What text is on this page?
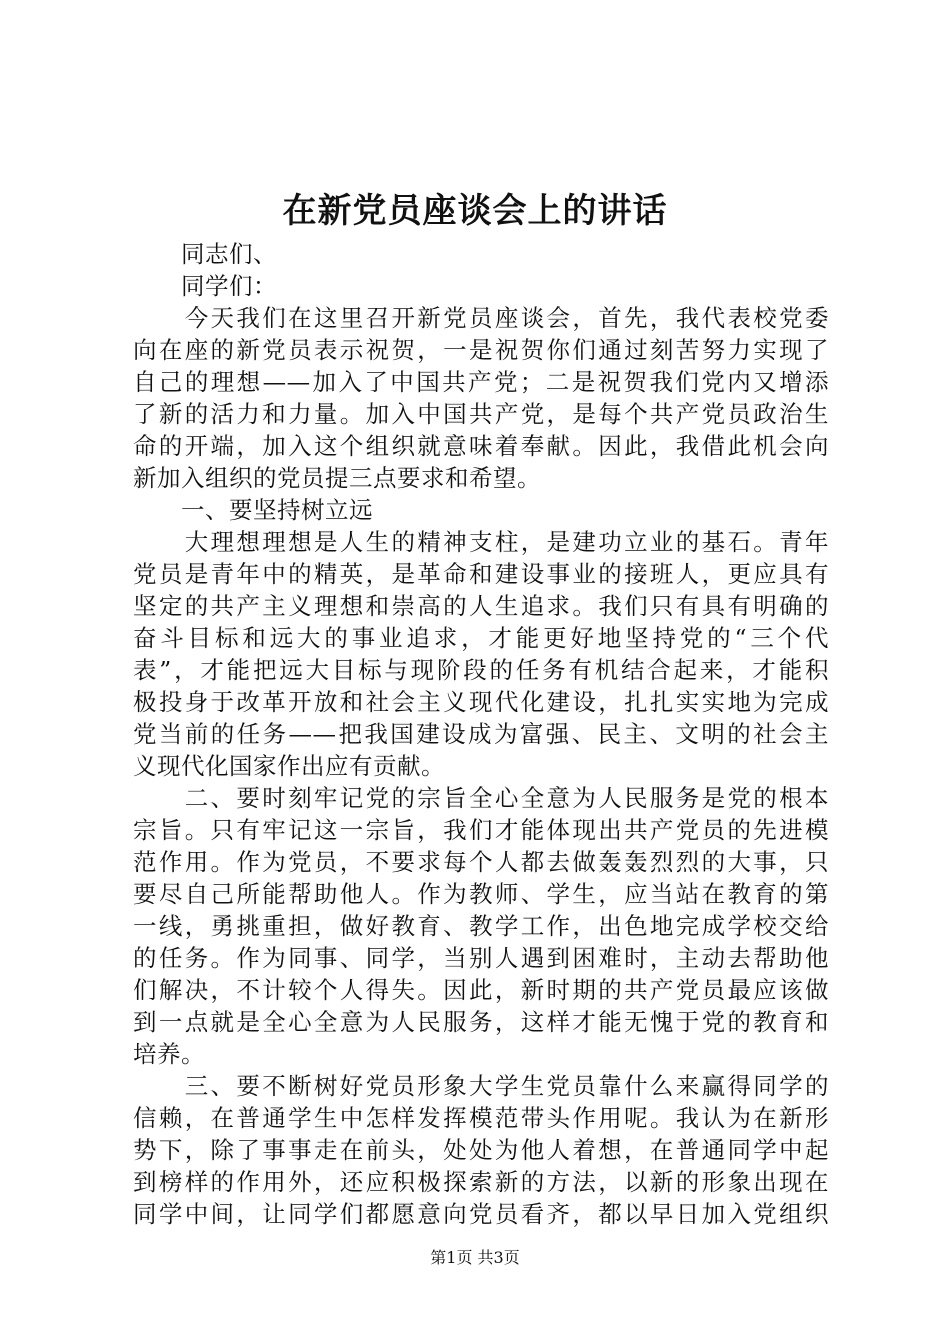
在新党员座谈会上的讲话
　　同志们、
　　同学们：
　　今天我们在这里召开新党员座谈会，首先，我代表校党委
向在座的新党员表示祝贺，一是祝贺你们通过刻苦努力实现了
自己的理想——加入了中国共产党；二是祝贺我们党内又增添
了新的活力和力量。加入中国共产党，是每个共产党员政治生
命的开端，加入这个组织就意味着奉献。因此，我借此机会向
新加入组织的党员提三点要求和希望。
　　一、要坚持树立远
　　大理想理想是人生的精神支柱，是建功立业的基石。青年
党员是青年中的精英，是革命和建设事业的接班人，更应具有
坚定的共产主义理想和崇高的人生追求。我们只有具有明确的
奋斗目标和远大的事业追求，才能更好地坚持党的“三个代
表”，才能把远大目标与现阶段的任务有机结合起来，才能积
极投身于改革开放和社会主义现代化建设，扎扎实实地为完成
党当前的任务——把我国建设成为富强、民主、文明的社会主
义现代化国家作出应有贡献。
　　二、要时刻牢记党的宗旨全心全意为人民服务是党的根本
宗旨。只有牢记这一宗旨，我们才能体现出共产党员的先进模
范作用。作为党员，不要求每个人都去做轰轰烈烈的大事，只
要尽自己所能帮助他人。作为教师、学生，应当站在教育的第
一线，勇挑重担，做好教育、教学工作，出色地完成学校交给
的任务。作为同事、同学，当别人遇到困难时，主动去帮助他
们解决，不计较个人得失。因此，新时期的共产党员最应该做
到一点就是全心全意为人民服务，这样才能无愧于党的教育和
培养。
　　三、要不断树好党员形象大学生党员靠什么来赢得同学的
信赖，在普通学生中怎样发挥模范带头作用呢。我认为在新形
势下，除了事事走在前头，处处为他人着想，在普通同学中起
到榜样的作用外，还应积极探索新的方法，以新的形象出现在
同学中间，让同学们都愿意向党员看齐，都以早日加入党组织
第1页 共3页
